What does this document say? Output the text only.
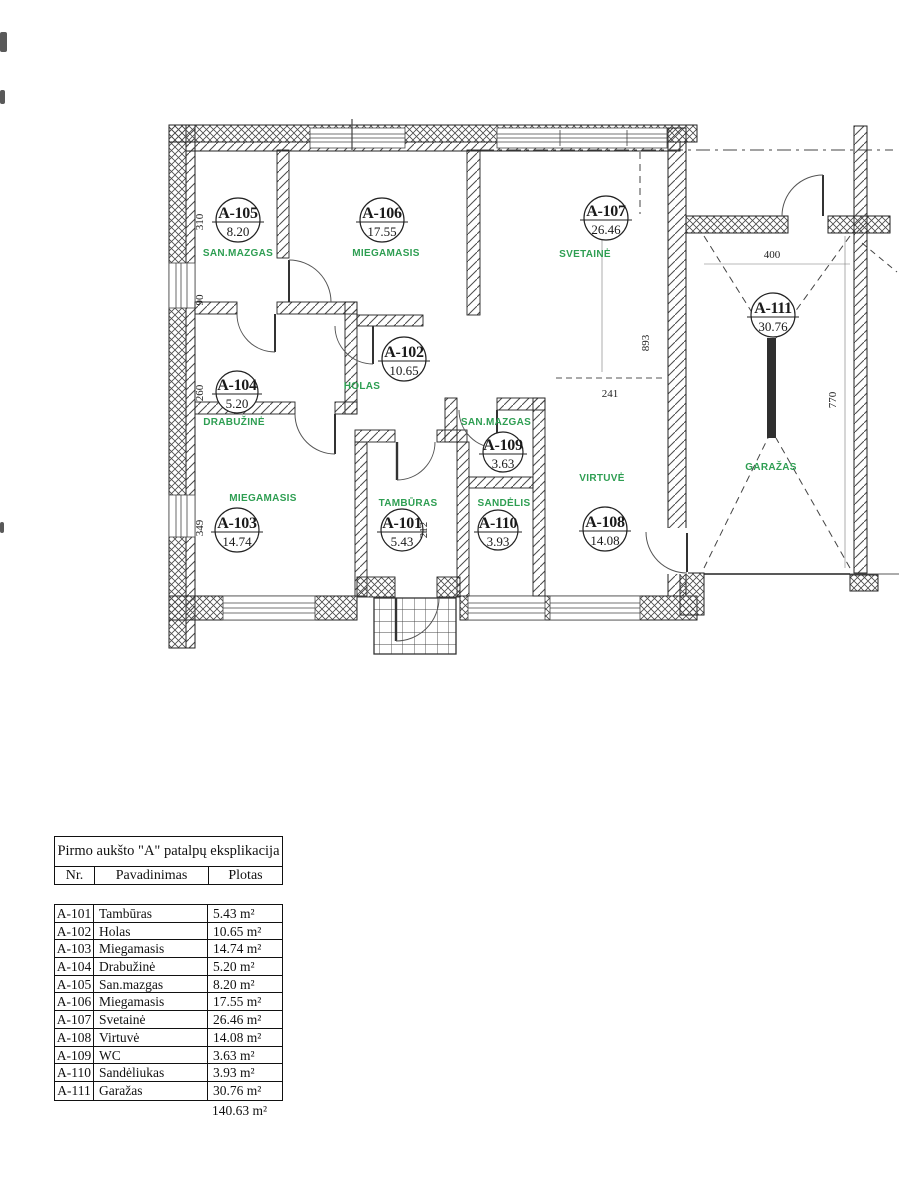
A-105
8.20
A-106
17.55
A-107
26.46
A-102
10.65
A-104
5.20
A-103
14.74
A-109
3.63
A-101
5.43
A-110
3.93
A-108
14.08
A-111
30.76
SAN.MAZGAS	MIEGAMASIS	SVETAINĖ
HOLAS
DRABUŽINĖ
MIEGAMASIS
SAN.MAZGAS
TAMBŪRAS	SANDĖLIS
VIRTUVĖ
GARAŽAS
310
90
260
349
893
241
400
770
212
Pirmo aukšto "A" patalpų eksplikacija
Nr.	Pavadinimas	Plotas
A-101 Tambūras	5.43 m²
A-102 Holas	10.65 m²
A-103 Miegamasis	14.74 m²
A-104 Drabužinė	5.20 m²
A-105 San.mazgas	8.20 m²
A-106 Miegamasis	17.55 m²
A-107 Svetainė	26.46 m²
A-108 Virtuvė	14.08 m²
A-109 WC	3.63 m²
A-110 Sandėliukas	3.93 m²
A-111 Garažas	30.76 m²
140.63 m²
